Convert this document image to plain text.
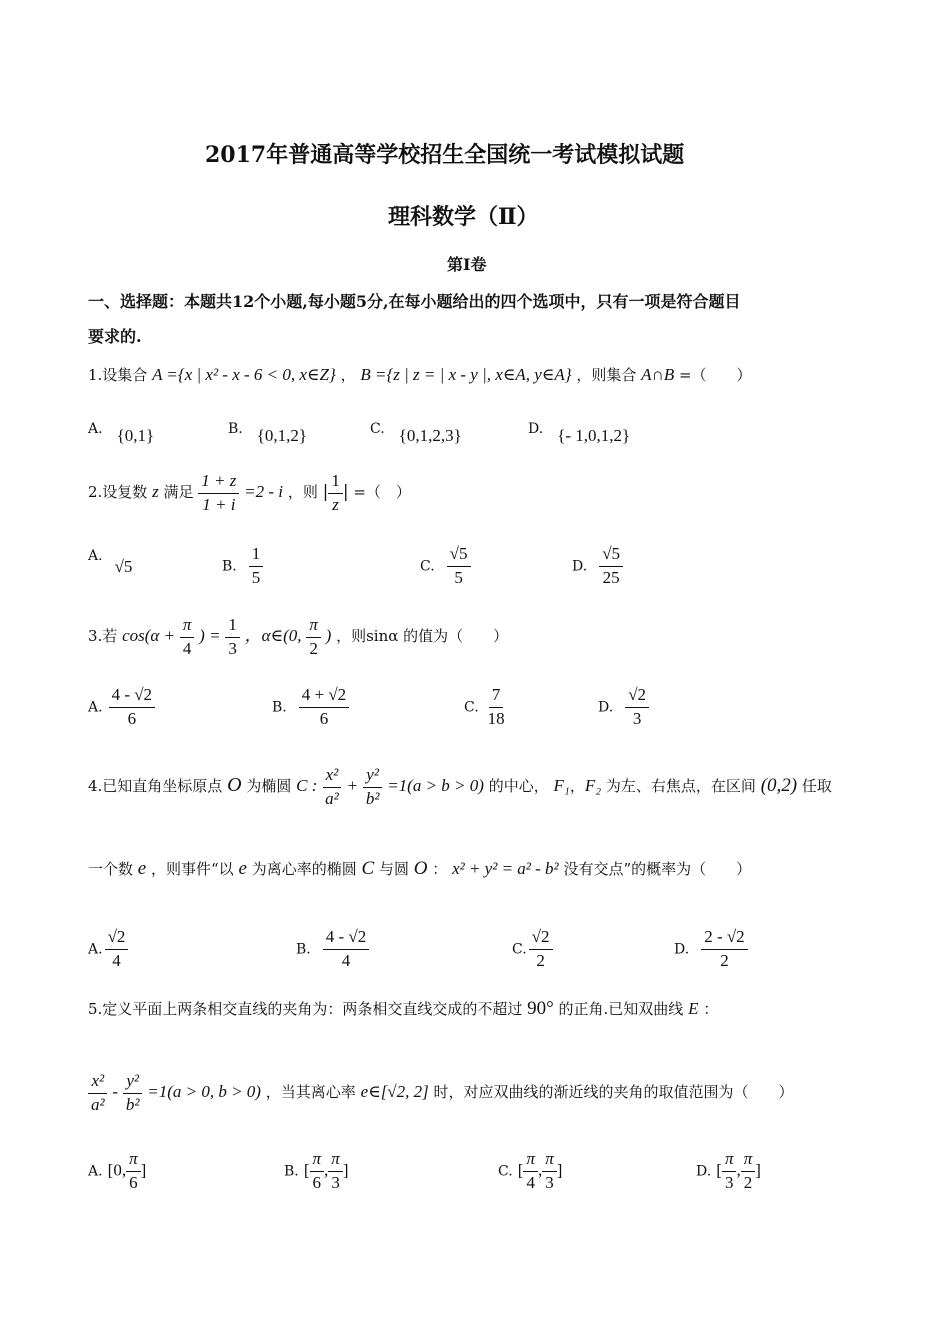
2017年普通高等学校招生全国统一考试模拟试题
理科数学（Ⅱ）
第Ⅰ卷
一、选择题：本题共12个小题,每小题5分,在每小题给出的四个选项中，只有一项是符合题目
要求的.
1.设集合 A ={x | x² - x - 6 < 0, x∈Z} ， B ={z | z = | x - y |, x∈A, y∈A} ，则集合 A∩B =（　　）
A. {0,1}	B. {0,1,2}	C. {0,1,2,3}	D. {- 1,0,1,2}
2.设复数 z 满足 $\frac{1 + z}{1 + i} =2 - i$ ，则 | $\frac{1}{z}$ | =（　）
A.√5	B. $\frac{1}{5}$	C. $\frac{√5}{5}$	D. $\frac{√5}{25}$
3.若 $\cos(\alpha + \frac{\pi}{4}$ ) = $\frac{1}{3}$ ，α∈(0, $\frac{\pi}{2}$ ) ，则sinα 的值为（　　）
A. $\frac{4 - √2}{6}$	B. $\frac{4 + √2}{6}$	C. $\frac{7}{18}$	D. $\frac{√2}{3}$
4.已知直角坐标原点 O 为椭圆 C : $\frac{\text{x²}}{\text{a²}} + \frac{\text{y²}}{\text{b²}} =1(a > b > 0)$ 的中心， F₁，F₂ 为左、右焦点，在区间 (0,2) 任取
一个数 e ，则事件“以 e 为离心率的椭圆 C 与圆 O ： x² + y² = a² - b² 没有交点”的概率为（　　）
A. $\frac{√2}{4}$	B. $\frac{4 - √2}{4}$	C. $\frac{√2}{2}$	D. $\frac{2 - √2}{2}$
5.定义平面上两条相交直线的夹角为：两条相交直线交成的不超过 90° 的正角.已知双曲线 E ：
$\frac{\text{x²}}{\text{a²}} - \frac{\text{y²}}{\text{b²}} =1(a > 0$, b > 0) ，当其离心率 e∈[√2, 2] 时，对应双曲线的渐近线的夹角的取值范围为（　　）
A. [0, $\frac{\pi}{6}$ ]	B. [ $\frac{\pi}{6}$ , $\frac{\pi}{3}$ ]	C. [ $\frac{\pi}{4}$ , $\frac{\pi}{3}$ ]	D. [ $\frac{\pi}{3}$ , $\frac{\pi}{2}$ ]
